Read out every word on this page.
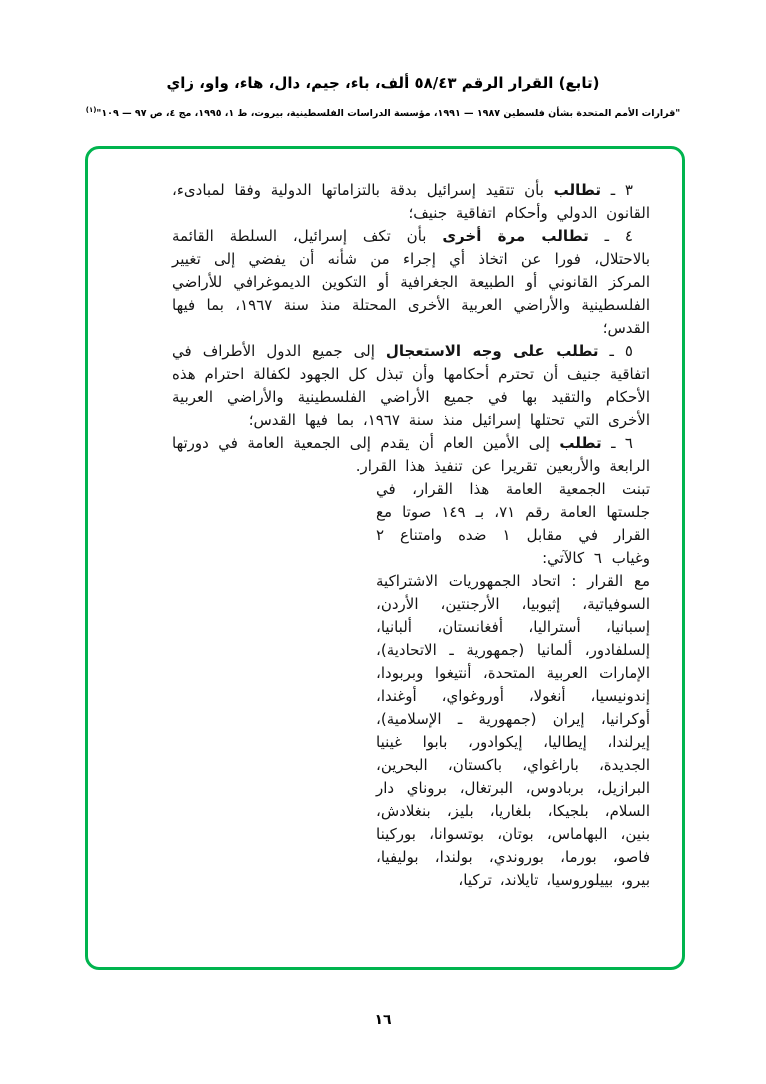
(تابع) القرار الرقم ٥٨/٤٣ ألف، باء، جيم، دال، هاء، واو، زاي
"قرارات الأمم المتحدة بشأن فلسطين ١٩٨٧ — ١٩٩١، مؤسسة الدراسات الفلسطينية، بيروت، ط ١، ١٩٩٥، مج ٤، ص ٩٧ — ١٠٩"$^{(١)}$

٣ ـ تطالب بأن تتقيد إسرائيل بدقة بالتزاماتها الدولية وفقا لمبادىء، القانون الدولي وأحكام اتفاقية جنيف؛

٤ ـ تطالب مرة أخرى بأن تكف إسرائيل، السلطة القائمة بالاحتلال، فورا عن اتخاذ أي إجراء من شأنه أن يفضي إلى تغيير المركز القانوني أو الطبيعة الجغرافية أو التكوين الديموغرافي للأراضي الفلسطينية والأراضي العربية الأخرى المحتلة منذ سنة ١٩٦٧، بما فيها القدس؛

٥ ـ تطلب على وجه الاستعجال إلى جميع الدول الأطراف في اتفاقية جنيف أن تحترم أحكامها وأن تبذل كل الجهود لكفالة احترام هذه الأحكام والتقيد بها في جميع الأراضي الفلسطينية والأراضي العربية الأخرى التي تحتلها إسرائيل منذ سنة ١٩٦٧، بما فيها القدس؛

٦ ـ تطلب إلى الأمين العام أن يقدم إلى الجمعية العامة في دورتها الرابعة والأربعين تقريرا عن تنفيذ هذا القرار.

تبنت الجمعية العامة هذا القرار، في جلستها العامة رقم ٧١، بـ ١٤٩ صوتا مع القرار في مقابل ١ ضده وامتناع ٢ وغياب ٦ كالآتي:

مع القرار : اتحاد الجمهوريات الاشتراكية السوفياتية، إثيوبيا، الأرجنتين، الأردن، إسبانيا، أستراليا، أفغانستان، ألبانيا، إلسلفادور، ألمانيا (جمهورية ـ الاتحادية)، الإمارات العربية المتحدة، أنتيغوا وبربودا، إندونيسيا، أنغولا، أوروغواي، أوغندا، أوكرانيا، إيران (جمهورية ـ الإسلامية)، إيرلندا، إيطاليا، إيكوادور، بابوا غينيا الجديدة، باراغواي، باكستان، البحرين، البرازيل، بربادوس، البرتغال، بروناي دار السلام، بلجيكا، بلغاريا، بليز، بنغلادش، بنين، البهاماس، بوتان، بوتسوانا، بوركينا فاصو، بورما، بوروندي، بولندا، بوليفيا، بيرو، بييلوروسيا، تايلاند، تركيا،

١٦
